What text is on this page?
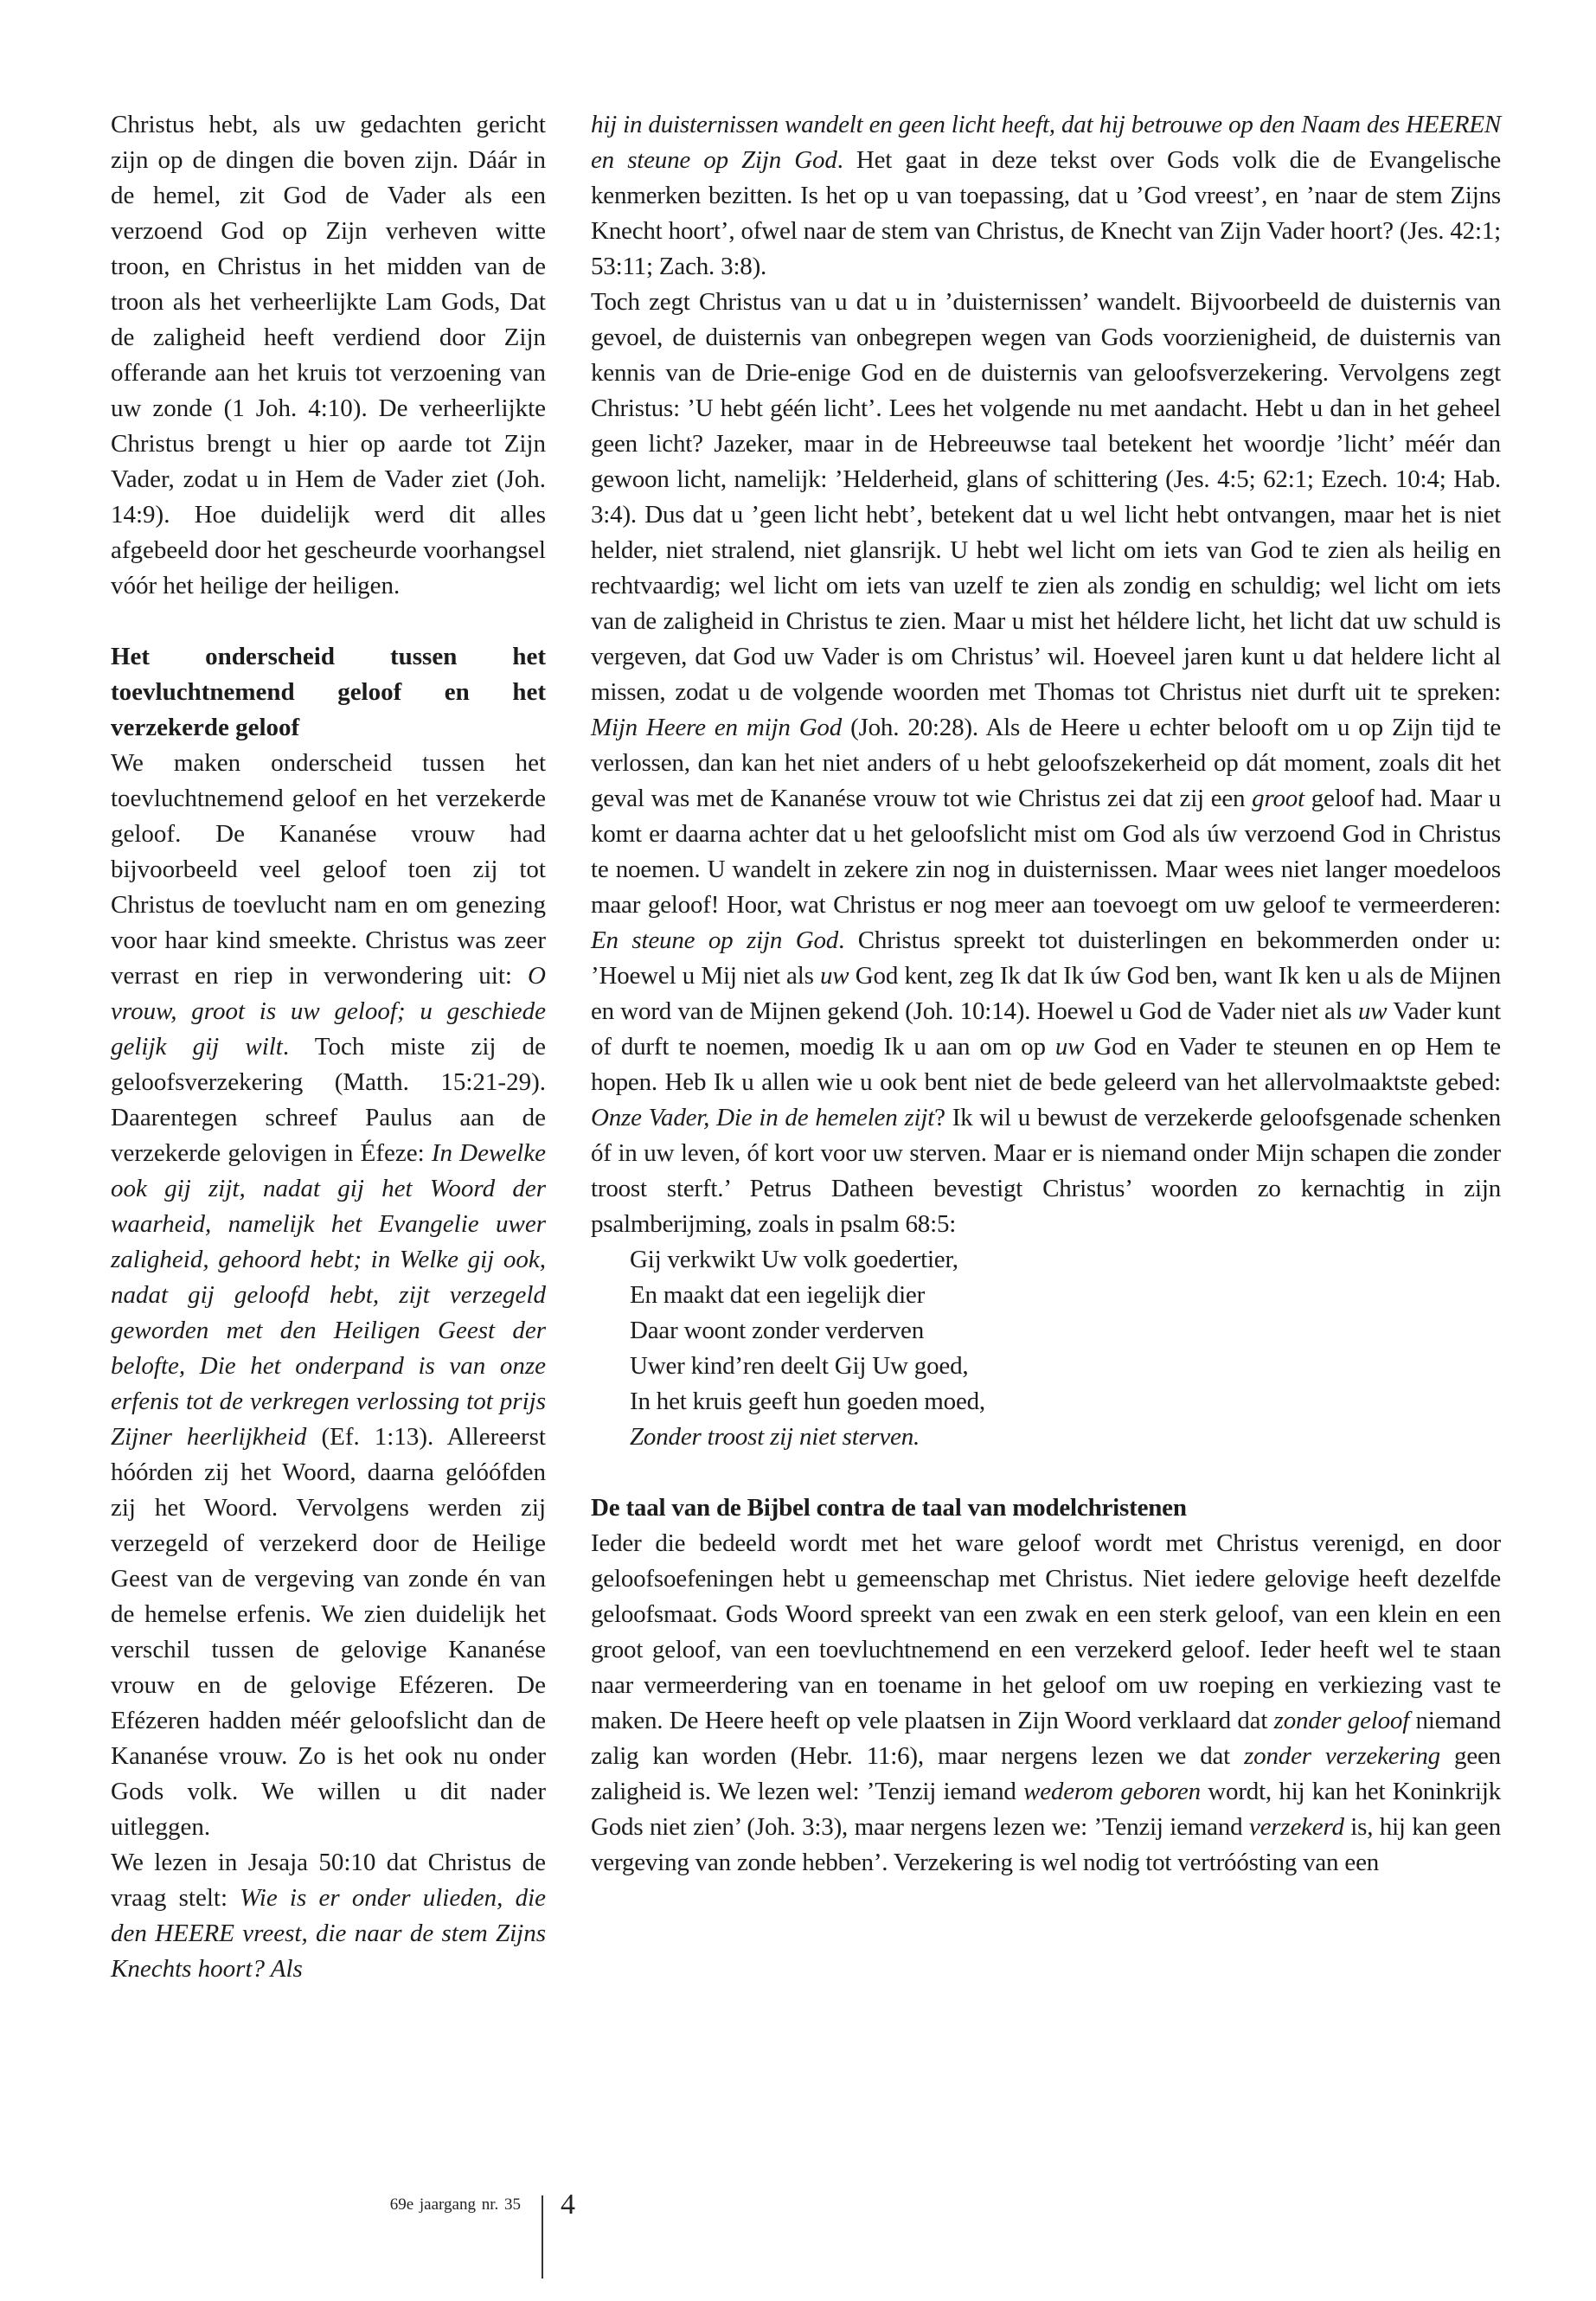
Christus hebt, als uw gedachten gericht zijn op de dingen die boven zijn. Dáár in de hemel, zit God de Vader als een verzoend God op Zijn verheven witte troon, en Christus in het midden van de troon als het verheerlijkte Lam Gods, Dat de zaligheid heeft verdiend door Zijn offerande aan het kruis tot verzoening van uw zonde (1 Joh. 4:10). De verheerlijkte Christus brengt u hier op aarde tot Zijn Vader, zodat u in Hem de Vader ziet (Joh. 14:9). Hoe duidelijk werd dit alles afgebeeld door het gescheurde voorhangsel vóór het heilige der heiligen.

Het onderscheid tussen het toevluchtnemend geloof en het verzekerde geloof

We maken onderscheid tussen het toevluchtnemend geloof en het verzekerde geloof. De Kananése vrouw had bijvoorbeeld veel geloof toen zij tot Christus de toevlucht nam en om genezing voor haar kind smeekte. Christus was zeer verrast en riep in verwondering uit: O vrouw, groot is uw geloof; u geschiede gelijk gij wilt. Toch miste zij de geloofsverzekering (Matth. 15:21-29). Daarentegen schreef Paulus aan de verzekerde gelovigen in Éfeze: In Dewelke ook gij zijt, nadat gij het Woord der waarheid, namelijk het Evangelie uwer zaligheid, gehoord hebt; in Welke gij ook, nadat gij geloofd hebt, zijt verzegeld geworden met den Heiligen Geest der belofte, Die het onderpand is van onze erfenis tot de verkregen verlossing tot prijs Zijner heerlijkheid (Ef. 1:13). Allereerst hóórden zij het Woord, daarna gelóófden zij het Woord. Vervolgens werden zij verzegeld of verzekerd door de Heilige Geest van de vergeving van zonde én van de hemelse erfenis. We zien duidelijk het verschil tussen de gelovige Kananése vrouw en de gelovige Efézeren. De Efézeren hadden méér geloofslicht dan de Kananése vrouw. Zo is het ook nu onder Gods volk. We willen u dit nader uitleggen.

We lezen in Jesaja 50:10 dat Christus de vraag stelt: Wie is er onder ulieden, die den HEERE vreest, die naar de stem Zijns Knechts hoort? Als

hij in duisternissen wandelt en geen licht heeft, dat hij betrouwe op den Naam des HEEREN en steune op Zijn God. Het gaat in deze tekst over Gods volk die de Evangelische kenmerken bezitten. Is het op u van toepassing, dat u ’God vreest’, en ’naar de stem Zijns Knecht hoort’, ofwel naar de stem van Christus, de Knecht van Zijn Vader hoort? (Jes. 42:1; 53:11; Zach. 3:8).

Toch zegt Christus van u dat u in ’duisternissen’ wandelt. Bijvoorbeeld de duisternis van gevoel, de duisternis van onbegrepen wegen van Gods voorzienigheid, de duisternis van kennis van de Drie-enige God en de duisternis van geloofsverzekering. Vervolgens zegt Christus: ’U hebt géén licht’. Lees het volgende nu met aandacht. Hebt u dan in het geheel geen licht? Jazeker, maar in de Hebreeuwse taal betekent het woordje ’licht’ méér dan gewoon licht, namelijk: ’Helderheid, glans of schittering (Jes. 4:5; 62:1; Ezech. 10:4; Hab. 3:4). Dus dat u ’geen licht hebt’, betekent dat u wel licht hebt ontvangen, maar het is niet helder, niet stralend, niet glansrijk. U hebt wel licht om iets van God te zien als heilig en rechtvaardig; wel licht om iets van uzelf te zien als zondig en schuldig; wel licht om iets van de zaligheid in Christus te zien. Maar u mist het héldere licht, het licht dat uw schuld is vergeven, dat God uw Vader is om Christus’ wil. Hoeveel jaren kunt u dat heldere licht al missen, zodat u de volgende woorden met Thomas tot Christus niet durft uit te spreken: Mijn Heere en mijn God (Joh. 20:28). Als de Heere u echter belooft om u op Zijn tijd te verlossen, dan kan het niet anders of u hebt geloofszekerheid op dát moment, zoals dit het geval was met de Kananése vrouw tot wie Christus zei dat zij een groot geloof had. Maar u komt er daarna achter dat u het geloofslicht mist om God als úw verzoend God in Christus te noemen. U wandelt in zekere zin nog in duisternissen. Maar wees niet langer moedeloos maar geloof! Hoor, wat Christus er nog meer aan toevoegt om uw geloof te vermeerderen: En steune op zijn God. Christus spreekt tot duisterlingen en bekommerden onder u: ’Hoewel u Mij niet als uw God kent, zeg Ik dat Ik úw God ben, want Ik ken u als de Mijnen en word van de Mijnen gekend (Joh. 10:14). Hoewel u God de Vader niet als uw Vader kunt of durft te noemen, moedig Ik u aan om op uw God en Vader te steunen en op Hem te hopen. Heb Ik u allen wie u ook bent niet de bede geleerd van het allervolmaaktste gebed: Onze Vader, Die in de hemelen zijt? Ik wil u bewust de verzekerde geloofsgenade schenken óf in uw leven, óf kort voor uw sterven. Maar er is niemand onder Mijn schapen die zonder troost sterft.’ Petrus Datheen bevestigt Christus’ woorden zo kernachtig in zijn psalmberijming, zoals in psalm 68:5:

Gij verkwikt Uw volk goedertier,
En maakt dat een iegelijk dier
Daar woont zonder verderven
Uwer kind’ren deelt Gij Uw goed,
In het kruis geeft hun goeden moed,
Zonder troost zij niet sterven.
De taal van de Bijbel contra de taal van modelchristenen

Ieder die bedeeld wordt met het ware geloof wordt met Christus verenigd, en door geloofsoefeningen hebt u gemeenschap met Christus. Niet iedere gelovige heeft dezelfde geloofsmaat. Gods Woord spreekt van een zwak en een sterk geloof, van een klein en een groot geloof, van een toevluchtnemend en een verzekerd geloof. Ieder heeft wel te staan naar vermeerdering van en toename in het geloof om uw roeping en verkiezing vast te maken. De Heere heeft op vele plaatsen in Zijn Woord verklaard dat zonder geloof niemand zalig kan worden (Hebr. 11:6), maar nergens lezen we dat zonder verzekering geen zaligheid is. We lezen wel: ’Tenzij iemand wederom geboren wordt, hij kan het Koninkrijk Gods niet zien’ (Joh. 3:3), maar nergens lezen we: ’Tenzij iemand verzekerd is, hij kan geen vergeving van zonde hebben’. Verzekering is wel nodig tot vertróósting van een

69e jaargang nr. 35 4
